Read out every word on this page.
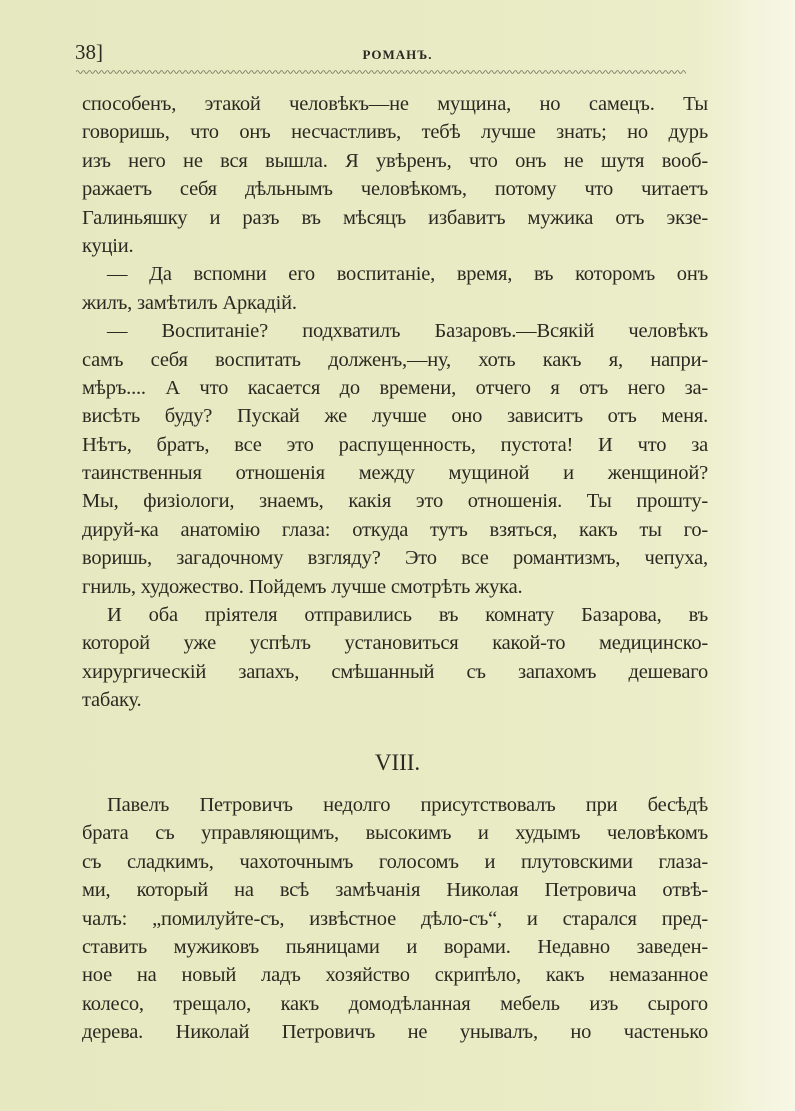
38]	РОМАНЪ.
способенъ, этакой человѣкъ—не мущина, но самецъ. Ты
говоришь, что онъ несчастливъ, тебѣ лучше знать; но дурь
изъ него не вся вышла. Я увѣренъ, что онъ не шутя вооб-
ражаетъ себя дѣльнымъ человѣкомъ, потому что читаетъ
Галиньяшку и разъ въ мѣсяцъ избавитъ мужика отъ экзе-
куціи.
— Да вспомни его воспитаніе, время, въ которомъ онъ
жилъ, замѣтилъ Аркадій.
— Воспитаніе? подхватилъ Базаровъ.—Всякій человѣкъ
самъ себя воспитать долженъ,—ну, хоть какъ я, напри-
мѣръ.... А что касается до времени, отчего я отъ него за-
висѣть буду? Пускай же лучше оно зависитъ отъ меня.
Нѣтъ, братъ, все это распущенность, пустота! И что за
таинственныя отношенія между мущиной и женщиной?
Мы, физіологи, знаемъ, какія это отношенія. Ты прошту-
дируй-ка анатомію глаза: откуда тутъ взяться, какъ ты го-
воришь, загадочному взгляду? Это все романтизмъ, чепуха,
гниль, художество. Пойдемъ лучше смотрѣть жука.
И оба пріятеля отправились въ комнату Базарова, въ
которой уже успѣлъ установиться какой-то медицинско-
хирургическій запахъ, смѣшанный съ запахомъ дешеваго
табаку.
VIII.
Павелъ Петровичъ недолго присутствовалъ при бесѣдѣ
брата съ управляющимъ, высокимъ и худымъ человѣкомъ
съ сладкимъ, чахоточнымъ голосомъ и плутовскими глаза-
ми, который на всѣ замѣчанія Николая Петровича отвѣ-
чалъ: „помилуйте-съ, извѣстное дѣло-съ“, и старался пред-
ставить мужиковъ пьяницами и ворами. Недавно заведен-
ное на новый ладъ хозяйство скрипѣло, какъ немазанное
колесо, трещало, какъ домодѣланная мебель изъ сырого
дерева. Николай Петровичъ не унывалъ, но частенько
